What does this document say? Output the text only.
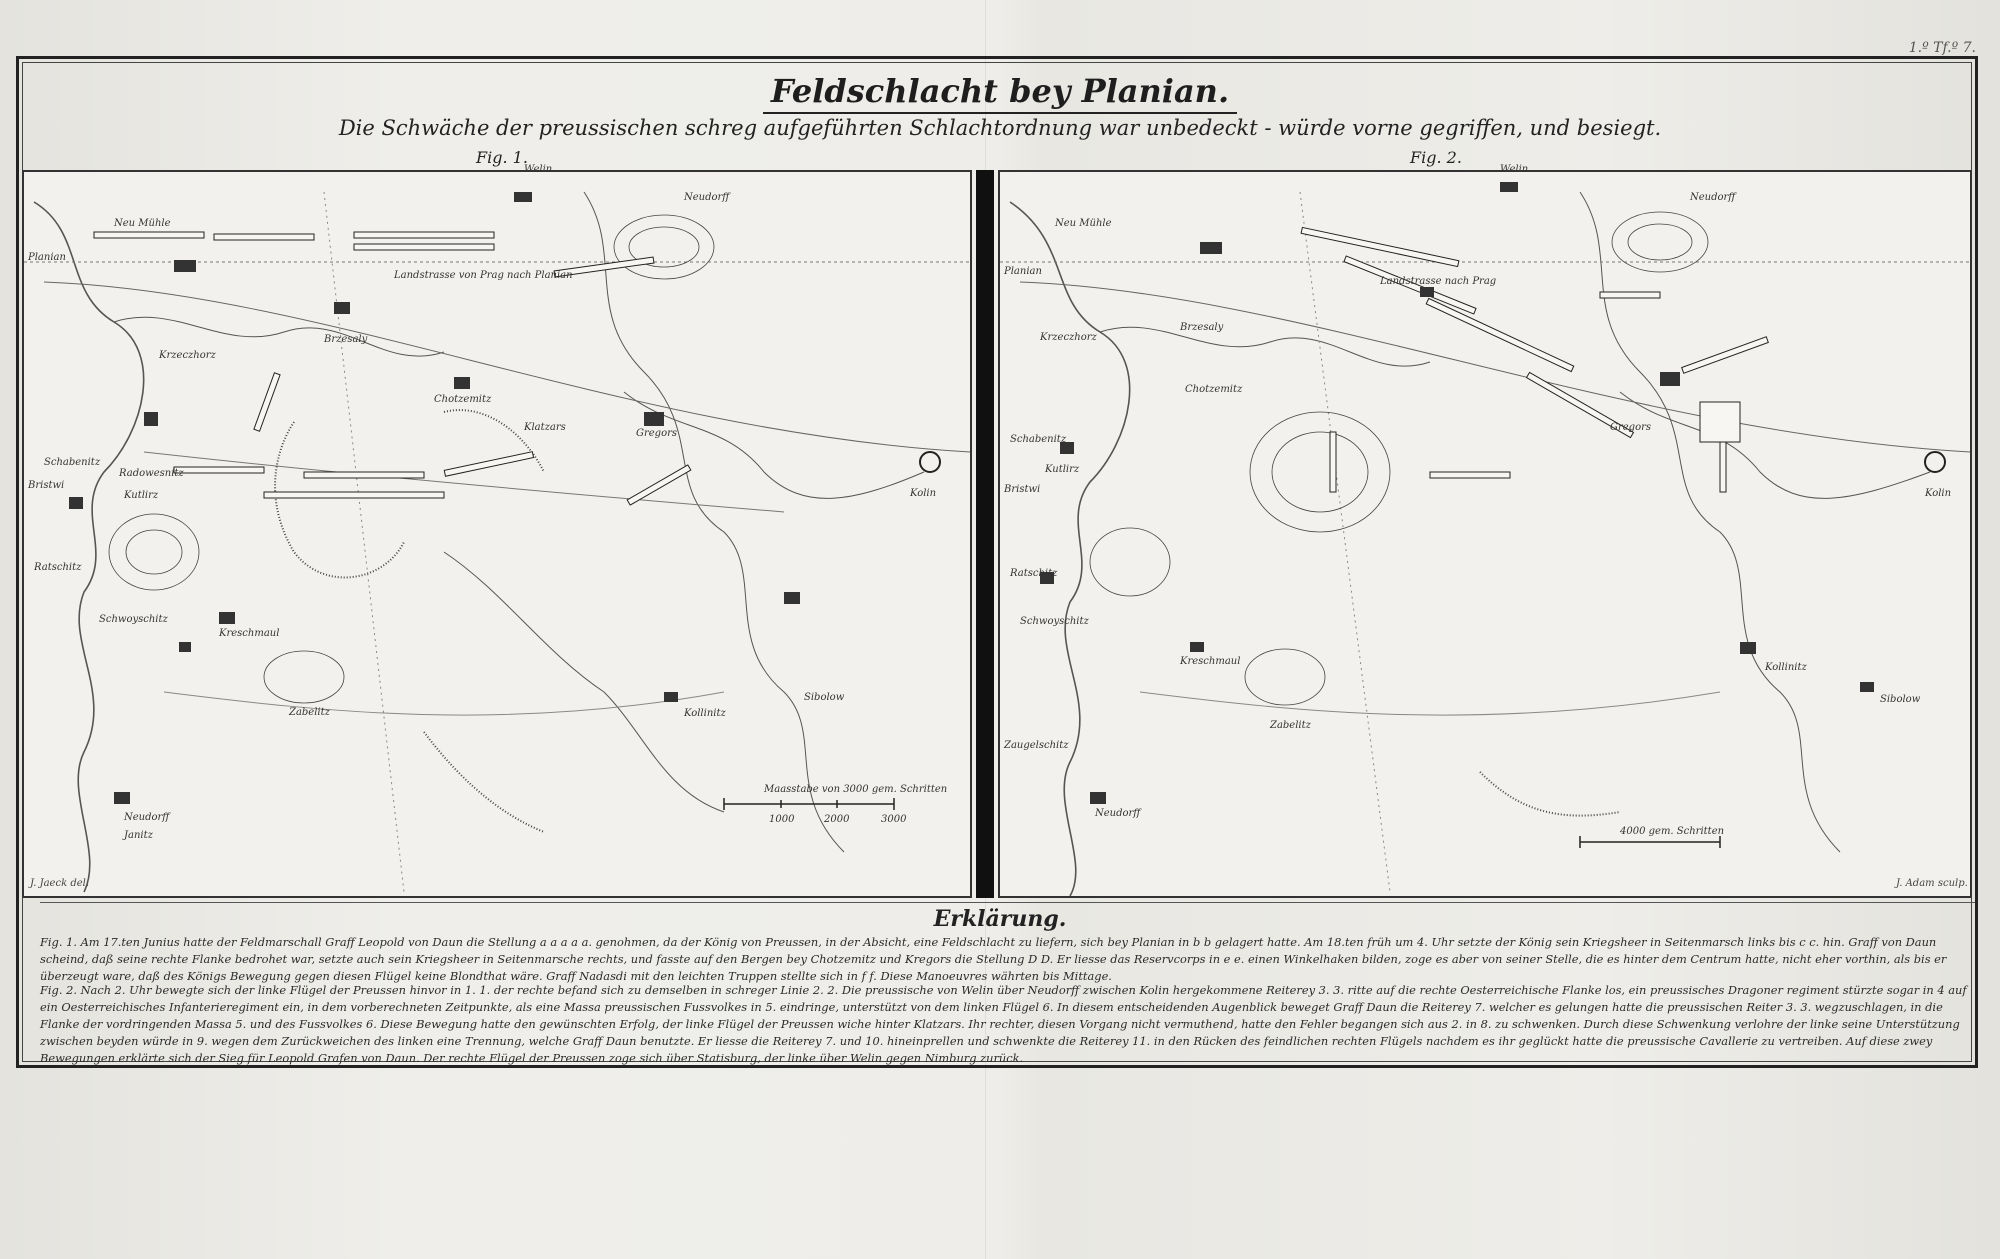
1.º Tf.º 7.
Feldschlacht bey Planian.
Die Schwäche der preussischen schreg aufgeführten Schlachtordnung war unbedeckt - würde vorne gegriffen, und besiegt.
Fig. 1.
Welin
Neudorff
Neu Mühle
Planian
Landstrasse von Prag nach Planian
Krzeczhorz
Brzesaly
Chotzemitz
Kolin
Gregors
Klatzars
Schabenitz
Radowesnitz
Kutlirz
Bristwi
Ratschitz
Schwoyschitz
Kreschmaul
Zabelitz	Kollinitz
Sibolow
Neudorff
Janitz
Maasstabe von 3000 gem. Schritten
1000	2000	3000
J. Jaeck del.
Fig. 2.
Welin
Neudorff
Neu Mühle
Planian
Landstrasse nach Prag
Krzeczhorz
Brzesaly
Chotzemitz
Kolin
Gregors
Schabenitz
Kutlirz
Bristwi
Ratschitz
Schwoyschitz
Kreschmaul
Zabelitz
Kollinitz
Sibolow
Neudorff
Zaugelschitz
4000 gem. Schritten
J. Adam sculp.
Erklärung.
Fig. 1. Am 17.ten Junius hatte der Feldmarschall Graff Leopold von Daun die Stellung a a a a a. genohmen, da der König von Preussen, in der Absicht, eine Feldschlacht zu liefern, sich bey Planian in b b gelagert hatte. Am 18.ten früh um 4. Uhr setzte der König sein Kriegsheer in Seitenmarsch links bis c c. hin. Graff von Daun scheind, daß seine rechte Flanke bedrohet war, setzte auch sein Kriegsheer in Seitenmarsche rechts, und fasste auf den Bergen bey Chotzemitz und Kregors die Stellung D D. Er liesse das Reservcorps in e e. einen Winkelhaken bilden, zoge es aber von seiner Stelle, die es hinter dem Centrum hatte, nicht eher vorthin, als bis er überzeugt ware, daß des Königs Bewegung gegen diesen Flügel keine Blondthat wäre. Graff Nadasdi mit den leichten Truppen stellte sich in f f. Diese Manoeuvres währten bis Mittage.
Fig. 2. Nach 2. Uhr bewegte sich der linke Flügel der Preussen hinvor in 1. 1. der rechte befand sich zu demselben in schreger Linie 2. 2. Die preussische von Welin über Neudorff zwischen Kolin hergekommene Reiterey 3. 3. ritte auf die rechte Oesterreichische Flanke los, ein preussisches Dragoner regiment stürzte sogar in 4 auf ein Oesterreichisches Infanterieregiment ein, in dem vorberechneten Zeitpunkte, als eine Massa preussischen Fussvolkes in 5. eindringe, unterstützt von dem linken Flügel 6. In diesem entscheidenden Augenblick beweget Graff Daun die Reiterey 7. welcher es gelungen hatte die preussischen Reiter 3. 3. wegzuschlagen, in die Flanke der vordringenden Massa 5. und des Fussvolkes 6. Diese Bewegung hatte den gewünschten Erfolg, der linke Flügel der Preussen wiche hinter Klatzars. Ihr rechter, diesen Vorgang nicht vermuthend, hatte den Fehler begangen sich aus 2. in 8. zu schwenken. Durch diese Schwenkung verlohre der linke seine Unterstützung zwischen beyden würde in 9. wegen dem Zurückweichen des linken eine Trennung, welche Graff Daun benutzte. Er liesse die Reiterey 7. und 10. hineinprellen und schwenkte die Reiterey 11. in den Rücken des feindlichen rechten Flügels nachdem es ihr geglückt hatte die preussische Cavallerie zu vertreiben. Auf diese zwey Bewegungen erklärte sich der Sieg für Leopold Grafen von Daun. Der rechte Flügel der Preussen zoge sich über Statisburg, der linke über Welin gegen Nimburg zurück.
